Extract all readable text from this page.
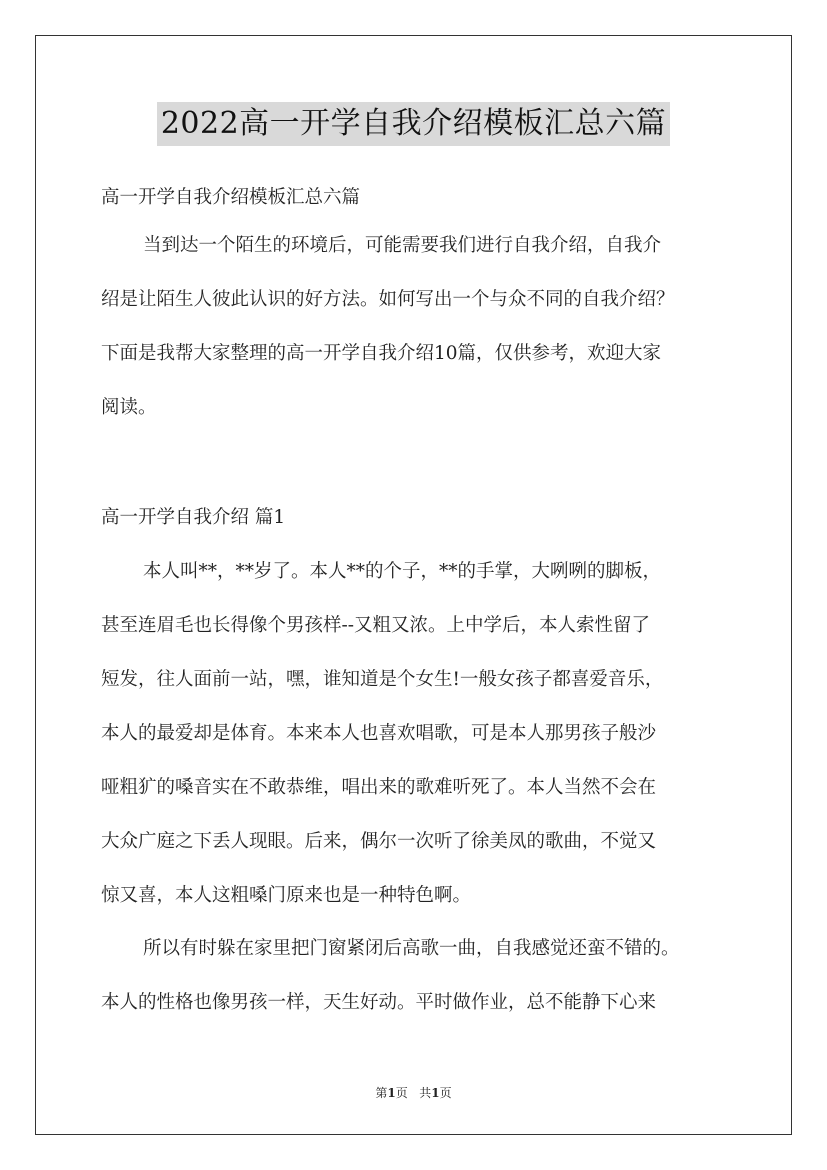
2022高一开学自我介绍模板汇总六篇
高一开学自我介绍模板汇总六篇
当到达一个陌生的环境后，可能需要我们进行自我介绍，自我介
绍是让陌生人彼此认识的好方法。如何写出一个与众不同的自我介绍？
下面是我帮大家整理的高一开学自我介绍10篇，仅供参考，欢迎大家
阅读。
高一开学自我介绍 篇1
本人叫**，**岁了。本人**的个子，**的手掌，大咧咧的脚板，
甚至连眉毛也长得像个男孩样--又粗又浓。上中学后，本人索性留了
短发，往人面前一站，嘿，谁知道是个女生!一般女孩子都喜爱音乐，
本人的最爱却是体育。本来本人也喜欢唱歌，可是本人那男孩子般沙
哑粗犷的嗓音实在不敢恭维，唱出来的歌难听死了。本人当然不会在
大众广庭之下丢人现眼。后来，偶尔一次听了徐美凤的歌曲，不觉又
惊又喜，本人这粗嗓门原来也是一种特色啊。
所以有时躲在家里把门窗紧闭后高歌一曲，自我感觉还蛮不错的。
本人的性格也像男孩一样，天生好动。平时做作业，总不能静下心来
第1页 共1页
